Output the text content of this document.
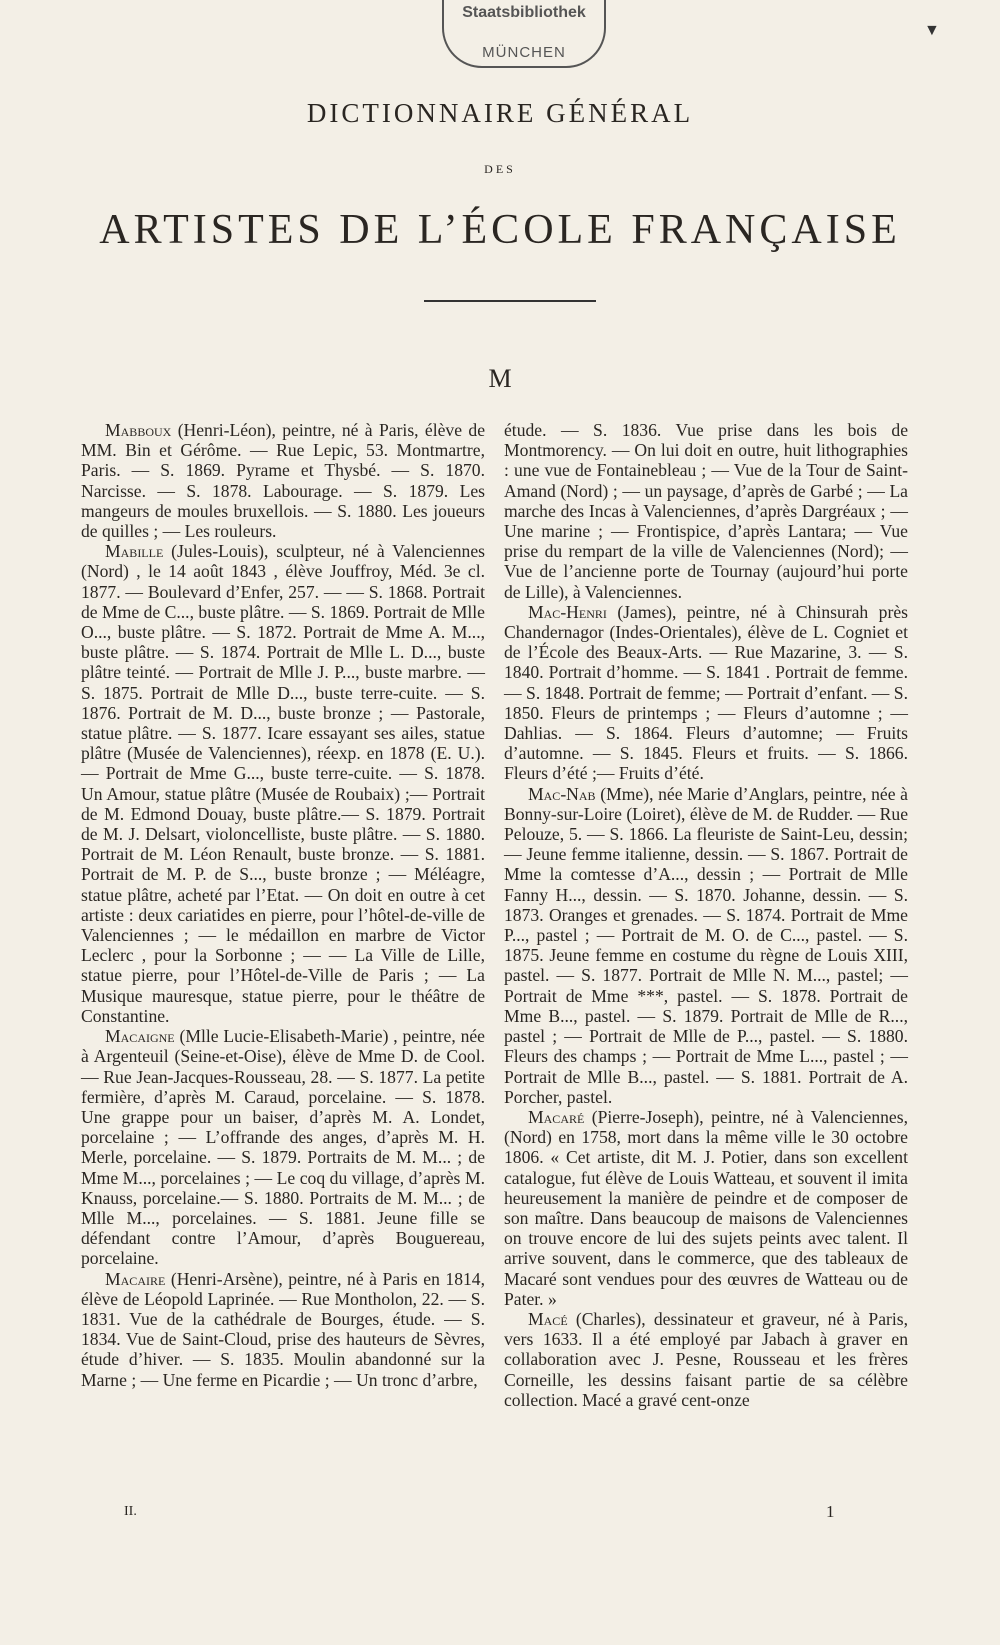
Staatsbibliothek
MÜNCHEN
▼
DICTIONNAIRE GÉNÉRAL
DES
ARTISTES DE L’ÉCOLE FRANÇAISE
M

Mabboux (Henri-Léon), peintre, né à Paris, élève de MM. Bin et Gérôme. — Rue Lepic, 53. Montmartre, Paris. — S. 1869. Pyrame et Thysbé. — S. 1870. Narcisse. — S. 1878. Labourage. — S. 1879. Les mangeurs de moules bruxellois. — S. 1880. Les joueurs de quilles ; — Les rouleurs.

Mabille (Jules-Louis), sculpteur, né à Valenciennes (Nord) , le 14 août 1843 , élève Jouffroy, Méd. 3e cl. 1877. — Boulevard d’Enfer, 257. — — S. 1868. Portrait de Mme de C..., buste plâtre. — S. 1869. Portrait de Mlle O..., buste plâtre. — S. 1872. Portrait de Mme A. M..., buste plâtre. — S. 1874. Portrait de Mlle L. D..., buste plâtre teinté. — Portrait de Mlle J. P..., buste marbre. — S. 1875. Portrait de Mlle D..., buste terre-cuite. — S. 1876. Portrait de M. D..., buste bronze ; — Pastorale, statue plâtre. — S. 1877. Icare essayant ses ailes, statue plâtre (Musée de Valenciennes), réexp. en 1878 (E. U.).— Portrait de Mme G..., buste terre-cuite. — S. 1878. Un Amour, statue plâtre (Musée de Roubaix) ;— Portrait de M. Edmond Douay, buste plâtre.— S. 1879. Portrait de M. J. Delsart, violoncelliste, buste plâtre. — S. 1880. Portrait de M. Léon Renault, buste bronze. — S. 1881. Portrait de M. P. de S..., buste bronze ; — Méléagre, statue plâtre, acheté par l’Etat. — On doit en outre à cet artiste : deux cariatides en pierre, pour l’hôtel-de-ville de Valenciennes ; — le médaillon en marbre de Victor Leclerc , pour la Sorbonne ; — — La Ville de Lille, statue pierre, pour l’Hôtel-de-Ville de Paris ; — La Musique mauresque, statue pierre, pour le théâtre de Constantine.

Macaigne (Mlle Lucie-Elisabeth-Marie) , peintre, née à Argenteuil (Seine-et-Oise), élève de Mme D. de Cool. — Rue Jean-Jacques-Rousseau, 28. — S. 1877. La petite fermière, d’après M. Caraud, porcelaine. — S. 1878. Une grappe pour un baiser, d’après M. A. Londet, porcelaine ; — L’offrande des anges, d’après M. H. Merle, porcelaine. — S. 1879. Portraits de M. M... ; de Mme M..., porcelaines ; — Le coq du village, d’après M. Knauss, porcelaine.— S. 1880. Portraits de M. M... ; de Mlle M..., porcelaines. — S. 1881. Jeune fille se défendant contre l’Amour, d’après Bouguereau, porcelaine.

Macaire (Henri-Arsène), peintre, né à Paris en 1814, élève de Léopold Laprinée. — Rue Montholon, 22. — S. 1831. Vue de la cathédrale de Bourges, étude. — S. 1834. Vue de Saint-Cloud, prise des hauteurs de Sèvres, étude d’hiver. — S. 1835. Moulin abandonné sur la Marne ; — Une ferme en Picardie ; — Un tronc d’arbre,

étude. — S. 1836. Vue prise dans les bois de Montmorency. — On lui doit en outre, huit lithographies : une vue de Fontainebleau ; — Vue de la Tour de Saint-Amand (Nord) ; — un paysage, d’après de Garbé ; — La marche des Incas à Valenciennes, d’après Dargréaux ; — Une marine ; — Frontispice, d’après Lantara; — Vue prise du rempart de la ville de Valenciennes (Nord); — Vue de l’ancienne porte de Tournay (aujourd’hui porte de Lille), à Valenciennes.

Mac-Henri (James), peintre, né à Chinsurah près Chandernagor (Indes-Orientales), élève de L. Cogniet et de l’École des Beaux-Arts. — Rue Mazarine, 3. — S. 1840. Portrait d’homme. — S. 1841 . Portrait de femme. — S. 1848. Portrait de femme; — Portrait d’enfant. — S. 1850. Fleurs de printemps ; — Fleurs d’automne ; — Dahlias. — S. 1864. Fleurs d’automne; — Fruits d’automne. — S. 1845. Fleurs et fruits. — S. 1866. Fleurs d’été ;— Fruits d’été.

Mac-Nab (Mme), née Marie d’Anglars, peintre, née à Bonny-sur-Loire (Loiret), élève de M. de Rudder. — Rue Pelouze, 5. — S. 1866. La fleuriste de Saint-Leu, dessin; — Jeune femme italienne, dessin. — S. 1867. Portrait de Mme la comtesse d’A..., dessin ; — Portrait de Mlle Fanny H..., dessin. — S. 1870. Johanne, dessin. — S. 1873. Oranges et grenades. — S. 1874. Portrait de Mme P..., pastel ; — Portrait de M. O. de C..., pastel. — S. 1875. Jeune femme en costume du règne de Louis XIII, pastel. — S. 1877. Portrait de Mlle N. M..., pastel; — Portrait de Mme ***, pastel. — S. 1878. Portrait de Mme B..., pastel. — S. 1879. Portrait de Mlle de R..., pastel ; — Portrait de Mlle de P..., pastel. — S. 1880. Fleurs des champs ; — Portrait de Mme L..., pastel ; — Portrait de Mlle B..., pastel. — S. 1881. Portrait de A. Porcher, pastel.

Macaré (Pierre-Joseph), peintre, né à Valenciennes, (Nord) en 1758, mort dans la même ville le 30 octobre 1806. « Cet artiste, dit M. J. Potier, dans son excellent catalogue, fut élève de Louis Watteau, et souvent il imita heureusement la manière de peindre et de composer de son maître. Dans beaucoup de maisons de Valenciennes on trouve encore de lui des sujets peints avec talent. Il arrive souvent, dans le commerce, que des tableaux de Macaré sont vendues pour des œuvres de Watteau ou de Pater. »

Macé (Charles), dessinateur et graveur, né à Paris, vers 1633. Il a été employé par Jabach à graver en collaboration avec J. Pesne, Rousseau et les frères Corneille, les dessins faisant partie de sa célèbre collection. Macé a gravé cent-onze

II.	1
